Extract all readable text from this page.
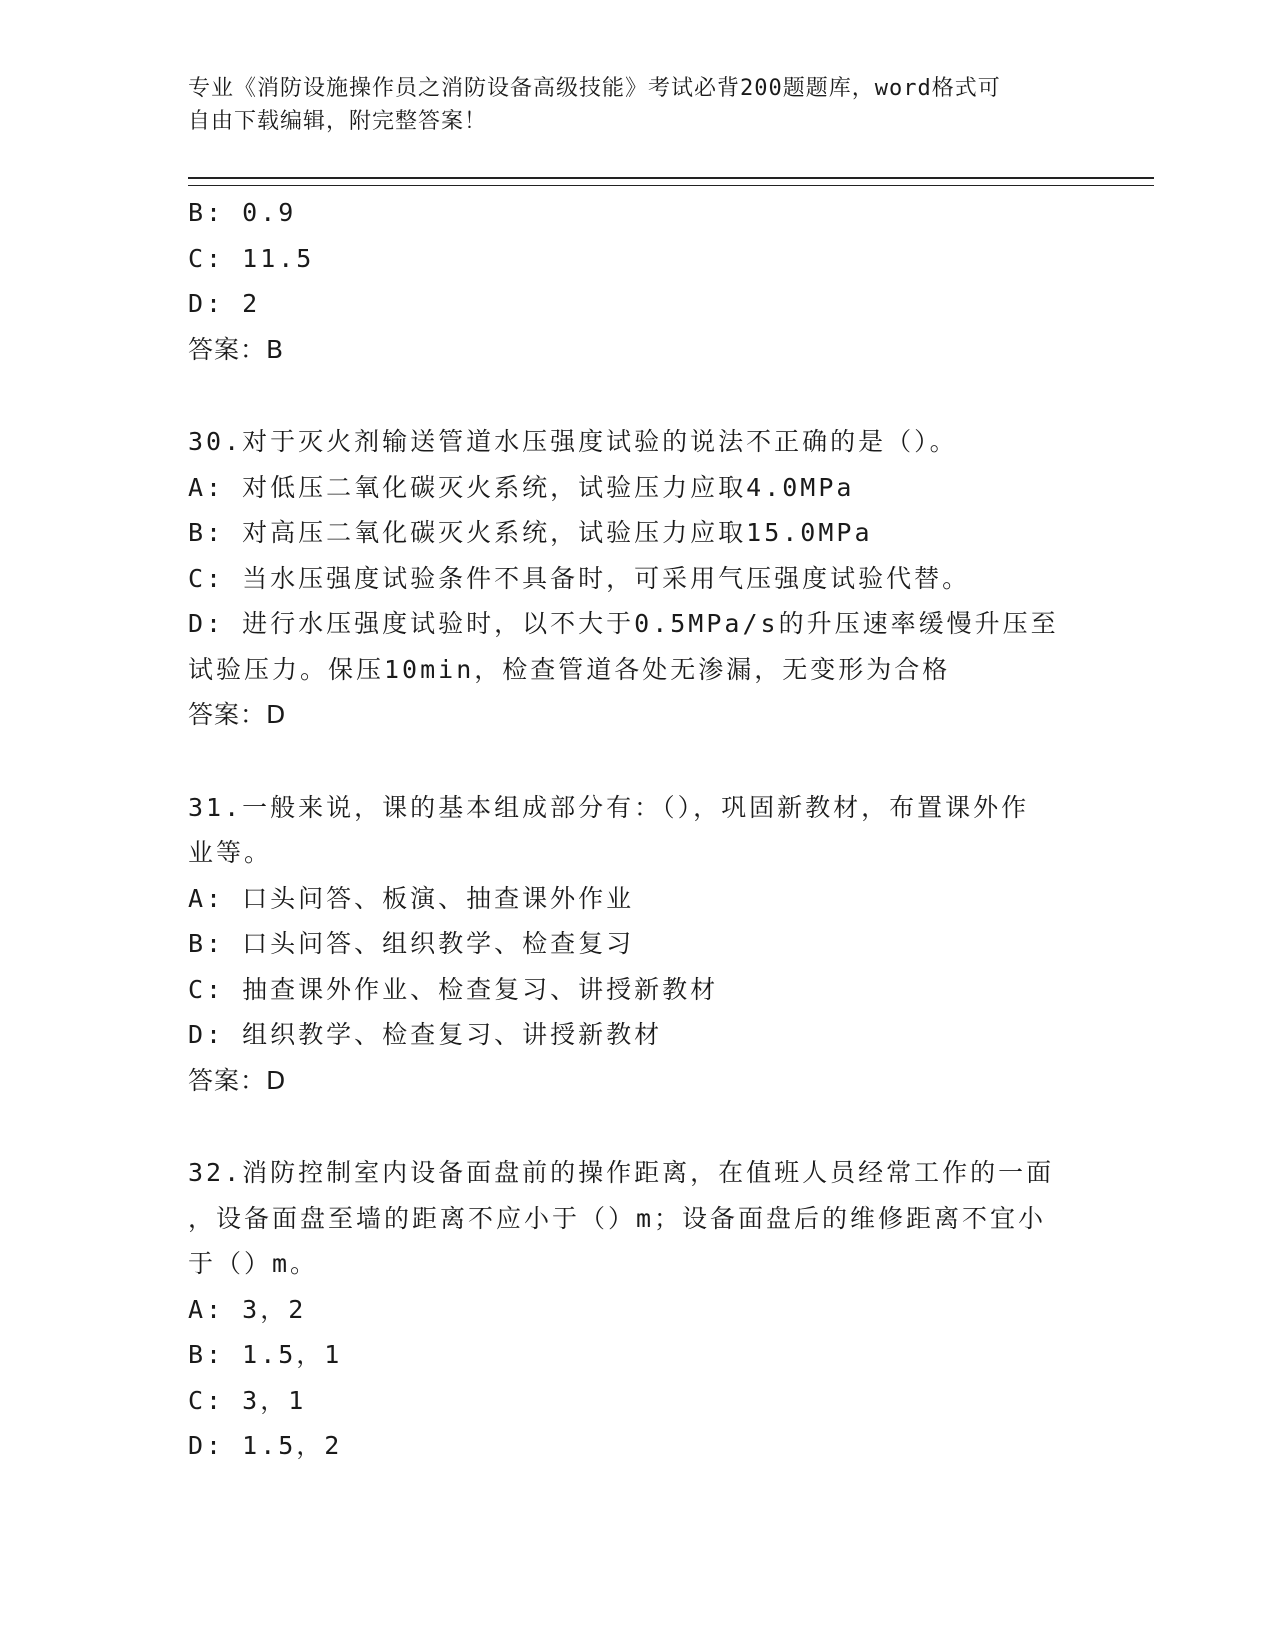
专业《消防设施操作员之消防设备高级技能》考试必背200题题库，word格式可
自由下载编辑，附完整答案！
B: 0.9
C: 11.5
D: 2
答案：B
30.对于灭火剂输送管道水压强度试验的说法不正确的是（）。
A: 对低压二氧化碳灭火系统，试验压力应取4.0MPa
B: 对高压二氧化碳灭火系统，试验压力应取15.0MPa
C: 当水压强度试验条件不具备时，可采用气压强度试验代替。
D: 进行水压强度试验时，以不大于0.5MPa/s的升压速率缓慢升压至
试验压力。保压10min，检查管道各处无渗漏，无变形为合格
答案：D
31.一般来说，课的基本组成部分有：（），巩固新教材，布置课外作
业等。
A: 口头问答、板演、抽查课外作业
B: 口头问答、组织教学、检查复习
C: 抽查课外作业、检查复习、讲授新教材
D: 组织教学、检查复习、讲授新教材
答案：D
32.消防控制室内设备面盘前的操作距离，在值班人员经常工作的一面
，设备面盘至墙的距离不应小于（）m；设备面盘后的维修距离不宜小
于（）m。
A: 3，2
B: 1.5，1
C: 3，1
D: 1.5，2
